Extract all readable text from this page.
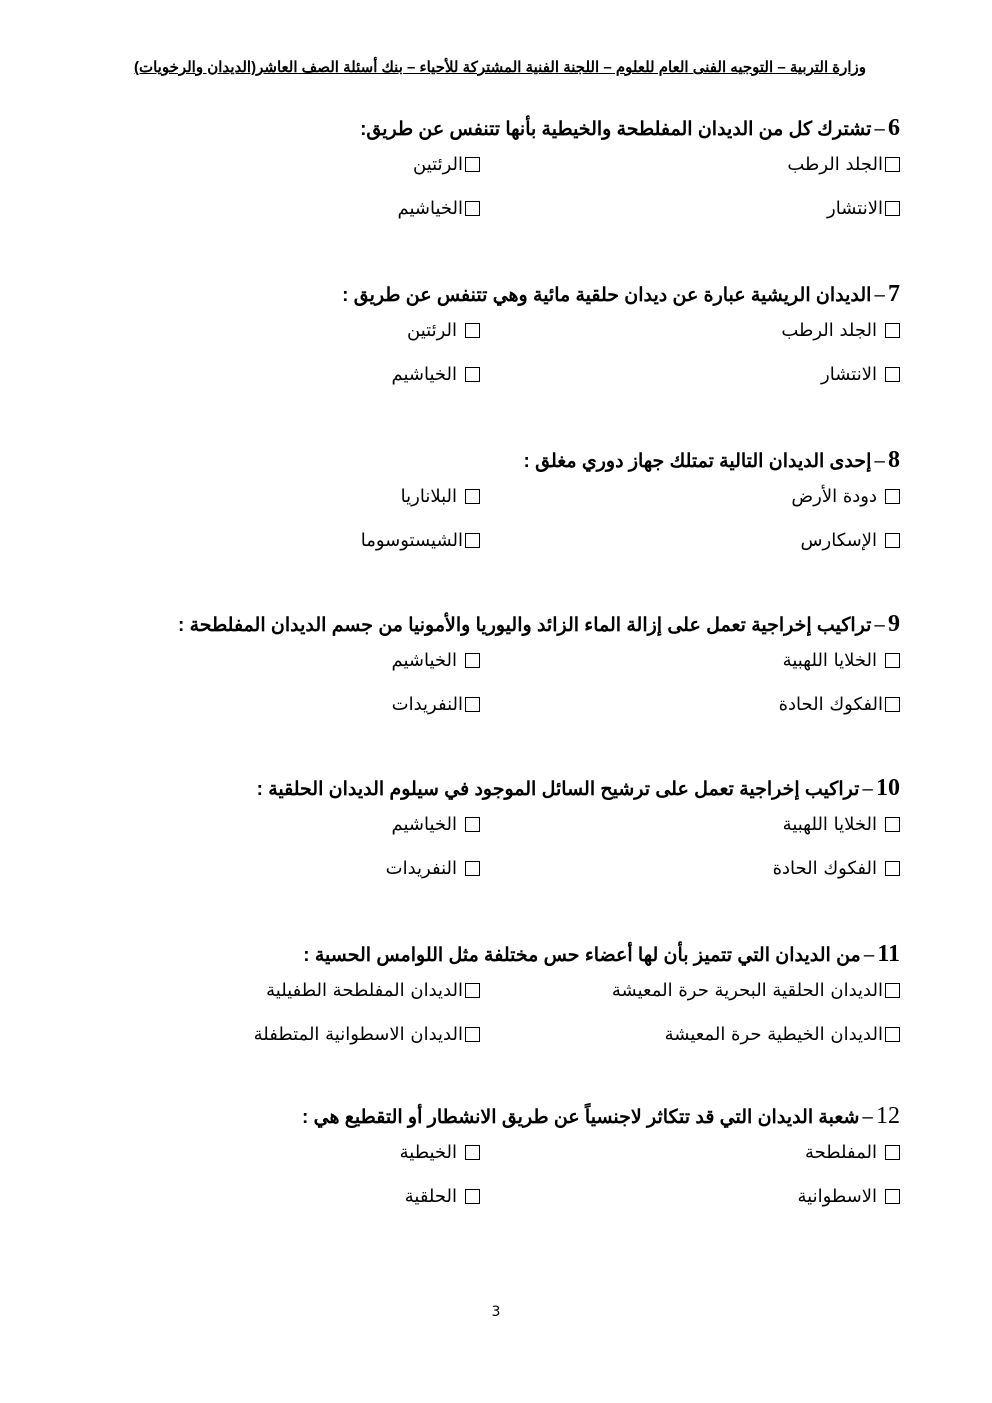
وزارة التربية – التوجيه الفنى العام للعلوم – اللجنة الفنية المشتركة للأحياء – بنك أسئلة الصف العاشر(الديدان والرخويات)
6–تشترك كل من الديدان المفلطحة والخيطية بأنها تتنفس عن طريق:
الجلد الرطب
الرئتين
الانتشار
الخياشيم
7–الديدان الريشية عبارة عن ديدان حلقية مائية وهي تتنفس عن طريق :
الجلد الرطب
الرئتين
الانتشار
الخياشيم
8–إحدى الديدان التالية تمتلك جهاز دوري مغلق :
دودة الأرض
البلاناريا
الإسكارس
الشيستوسوما
9–تراكيب إخراجية تعمل على إزالة الماء الزائد واليوريا والأمونيا من جسم الديدان المفلطحة :
الخلايا اللهبية
الخياشيم
الفكوك الحادة
النفريدات
10–تراكيب إخراجية تعمل على ترشيح السائل الموجود في سيلوم الديدان الحلقية :
الخلايا اللهبية
الخياشيم
الفكوك الحادة
النفريدات
11–من الديدان التي تتميز بأن لها أعضاء حس مختلفة مثل اللوامس الحسية :
الديدان الحلقية البحرية حرة المعيشة
الديدان المفلطحة الطفيلية
الديدان الخيطية حرة المعيشة
الديدان الاسطوانية المتطفلة
12–شعبة الديدان التي قد تتكاثر لاجنسياً عن طريق الانشطار أو التقطيع هي :
المفلطحة
الخيطية
الاسطوانية
الحلقية
3
